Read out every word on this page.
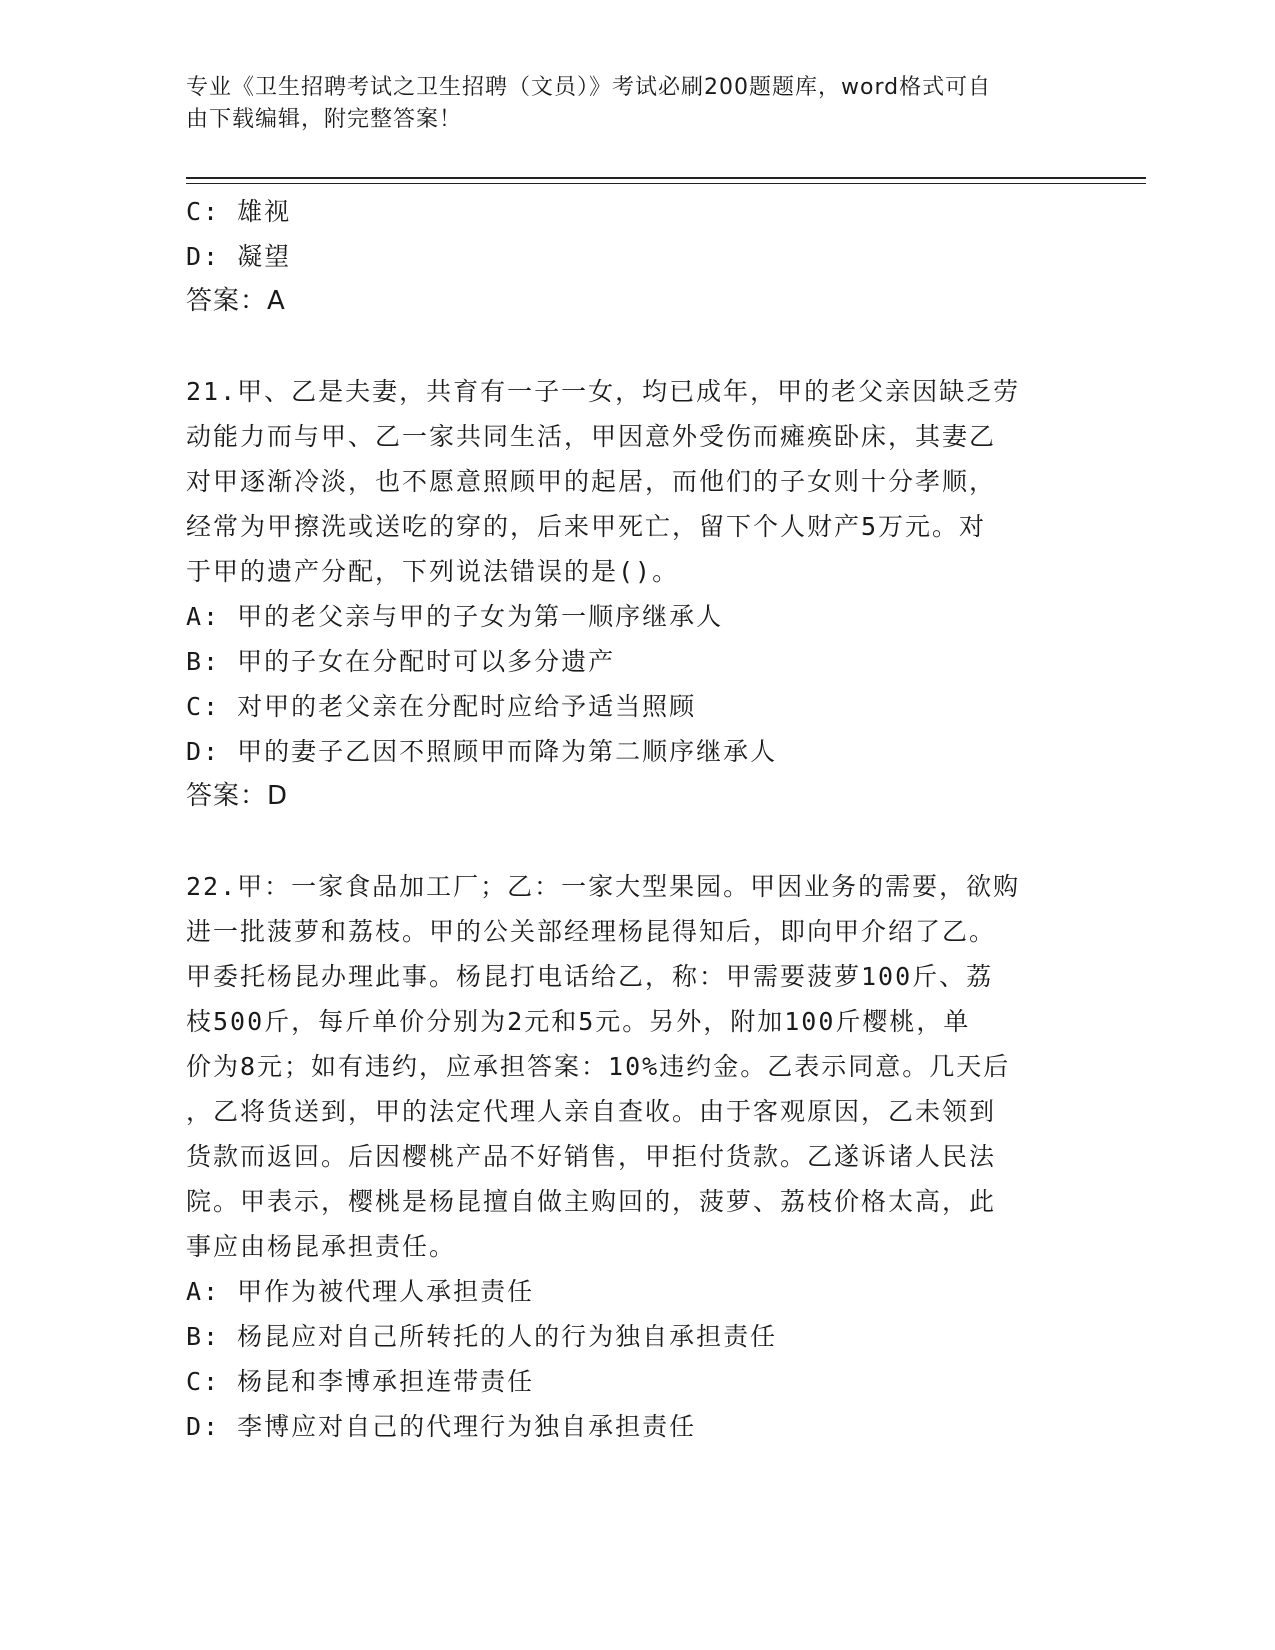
专业《卫生招聘考试之卫生招聘（文员）》考试必刷200题题库，word格式可自
由下载编辑，附完整答案！

C: 雄视

D: 凝望

答案：A

21.甲、乙是夫妻，共育有一子一女，均已成年，甲的老父亲因缺乏劳

动能力而与甲、乙一家共同生活，甲因意外受伤而瘫痪卧床，其妻乙

对甲逐渐冷淡，也不愿意照顾甲的起居，而他们的子女则十分孝顺，

经常为甲擦洗或送吃的穿的，后来甲死亡，留下个人财产5万元。对

于甲的遗产分配，下列说法错误的是()。

A: 甲的老父亲与甲的子女为第一顺序继承人

B: 甲的子女在分配时可以多分遗产

C: 对甲的老父亲在分配时应给予适当照顾

D: 甲的妻子乙因不照顾甲而降为第二顺序继承人

答案：D

22.甲：一家食品加工厂；乙：一家大型果园。甲因业务的需要，欲购

进一批菠萝和荔枝。甲的公关部经理杨昆得知后，即向甲介绍了乙。

甲委托杨昆办理此事。杨昆打电话给乙，称：甲需要菠萝100斤、荔

枝500斤，每斤单价分别为2元和5元。另外，附加100斤樱桃，单

价为8元；如有违约，应承担答案：10%违约金。乙表示同意。几天后

，乙将货送到，甲的法定代理人亲自查收。由于客观原因，乙未领到

货款而返回。后因樱桃产品不好销售，甲拒付货款。乙遂诉诸人民法

院。甲表示，樱桃是杨昆擅自做主购回的，菠萝、荔枝价格太高，此

事应由杨昆承担责任。

A: 甲作为被代理人承担责任

B: 杨昆应对自己所转托的人的行为独自承担责任

C: 杨昆和李博承担连带责任

D: 李博应对自己的代理行为独自承担责任
